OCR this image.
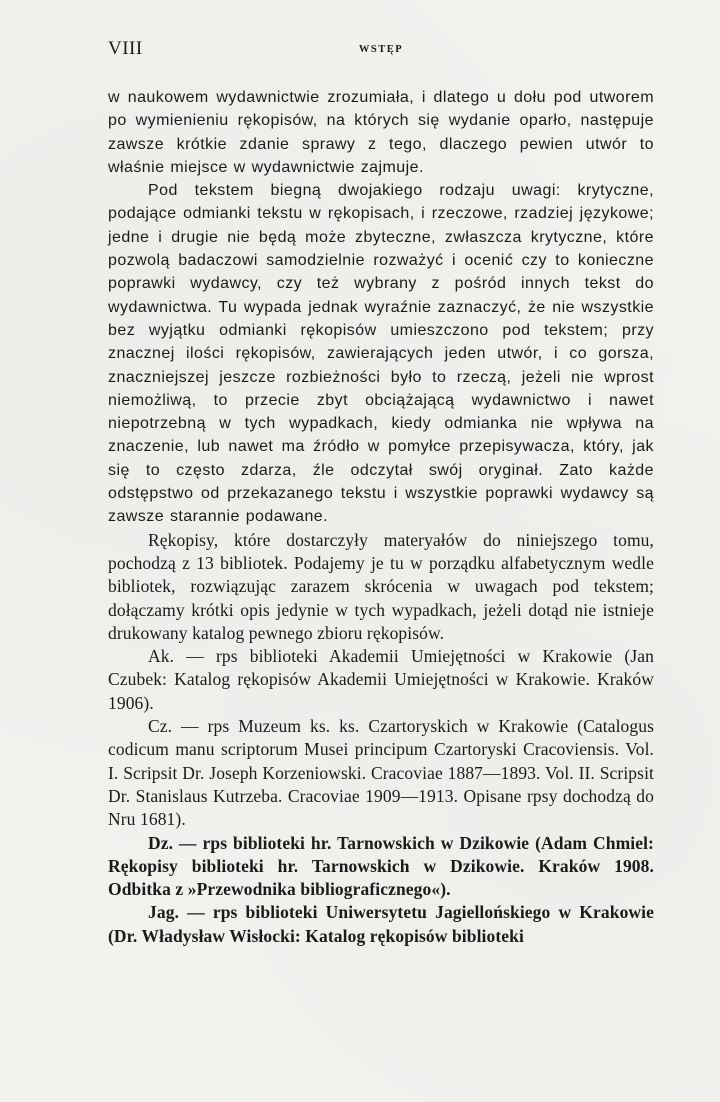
VIII	WSTĘP

w naukowem wydawnictwie zrozumiała, i dlatego u dołu pod utworem po wymienieniu rękopisów, na których się wydanie oparło, następuje zawsze krótkie zdanie sprawy z tego, dlaczego pewien utwór to właśnie miejsce w wydawnictwie zajmuje.

Pod tekstem biegną dwojakiego rodzaju uwagi: krytyczne, podające odmianki tekstu w rękopisach, i rzeczowe, rzadziej językowe; jedne i drugie nie będą może zbyteczne, zwłaszcza krytyczne, które pozwolą badaczowi samodzielnie rozważyć i ocenić czy to konieczne poprawki wydawcy, czy też wybrany z pośród innych tekst do wydawnictwa. Tu wypada jednak wyraźnie zaznaczyć, że nie wszystkie bez wyjątku odmianki rękopisów umieszczono pod tekstem; przy znacznej ilości rękopisów, zawierających jeden utwór, i co gorsza, znaczniejszej jeszcze rozbieżności było to rzeczą, jeżeli nie wprost niemożliwą, to przecie zbyt obciążającą wydawnictwo i nawet niepotrzebną w tych wypadkach, kiedy odmianka nie wpływa na znaczenie, lub nawet ma źródło w pomyłce przepisywacza, który, jak się to często zdarza, źle odczytał swój oryginał. Zato każde odstępstwo od przekazanego tekstu i wszystkie poprawki wydawcy są zawsze starannie podawane.

Rękopisy, które dostarczyły materyałów do niniejszego tomu, pochodzą z 13 bibliotek. Podajemy je tu w porządku alfabetycznym wedle bibliotek, rozwiązując zarazem skrócenia w uwagach pod tekstem; dołączamy krótki opis jedynie w tych wypadkach, jeżeli dotąd nie istnieje drukowany katalog pewnego zbioru rękopisów.

Ak. — rps biblioteki Akademii Umiejętności w Krakowie (Jan Czubek: Katalog rękopisów Akademii Umiejętności w Krakowie. Kraków 1906).

Cz. — rps Muzeum ks. ks. Czartoryskich w Krakowie (Catalogus codicum manu scriptorum Musei principum Czartoryski Cracoviensis. Vol. I. Scripsit Dr. Joseph Korzeniowski. Cracoviae 1887—1893. Vol. II. Scripsit Dr. Stanislaus Kutrzeba. Cracoviae 1909—1913. Opisane rpsy dochodzą do Nru 1681).

Dz. — rps biblioteki hr. Tarnowskich w Dzikowie (Adam Chmiel: Rękopisy biblioteki hr. Tarnowskich w Dzikowie. Kraków 1908. Odbitka z »Przewodnika bibliograficznego«).

Jag. — rps biblioteki Uniwersytetu Jagiellońskiego w Krakowie (Dr. Władysław Wisłocki: Katalog rękopisów biblioteki
